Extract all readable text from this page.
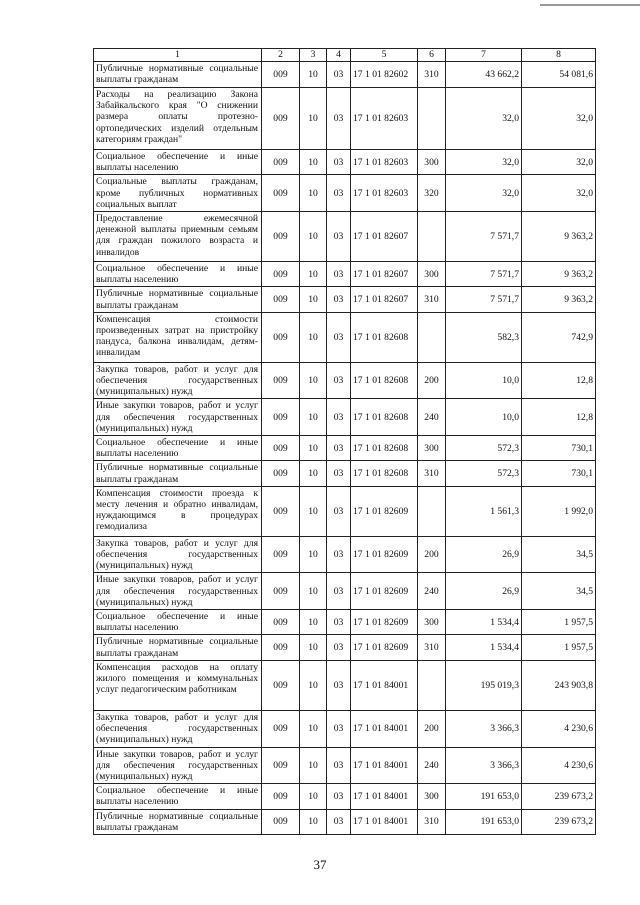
1	2	3	4	5	6	7	8
Публичные нормативные социальные выплаты гражданам	009	10	03	17 1 01 82602	310	43 662,2	54 081,6
Расходы на реализацию Закона Забайкальского края "О снижении размера оплаты протезно-ортопедических изделий отдельным категориям граждан"	009	10	03	17 1 01 82603		32,0	32,0
Социальное обеспечение и иные выплаты населению	009	10	03	17 1 01 82603	300	32,0	32,0
Социальные выплаты гражданам, кроме публичных нормативных социальных выплат	009	10	03	17 1 01 82603	320	32,0	32,0
Предоставление ежемесячной денежной выплаты приемным семьям для граждан пожилого возраста и инвалидов	009	10	03	17 1 01 82607		7 571,7	9 363,2
Социальное обеспечение и иные выплаты населению	009	10	03	17 1 01 82607	300	7 571,7	9 363,2
Публичные нормативные социальные выплаты гражданам	009	10	03	17 1 01 82607	310	7 571,7	9 363,2
Компенсация стоимости произведенных затрат на пристройку пандуса, балкона инвалидам, детям-инвалидам	009	10	03	17 1 01 82608		582,3	742,9
Закупка товаров, работ и услуг для обеспечения государственных (муниципальных) нужд	009	10	03	17 1 01 82608	200	10,0	12,8
Иные закупки товаров, работ и услуг для обеспечения государственных (муниципальных) нужд	009	10	03	17 1 01 82608	240	10,0	12,8
Социальное обеспечение и иные выплаты населению	009	10	03	17 1 01 82608	300	572,3	730,1
Публичные нормативные социальные выплаты гражданам	009	10	03	17 1 01 82608	310	572,3	730,1
Компенсация стоимости проезда к месту лечения и обратно инвалидам, нуждающимся в процедурах гемодиализа	009	10	03	17 1 01 82609		1 561,3	1 992,0
Закупка товаров, работ и услуг для обеспечения государственных (муниципальных) нужд	009	10	03	17 1 01 82609	200	26,9	34,5
Иные закупки товаров, работ и услуг для обеспечения государственных (муниципальных) нужд	009	10	03	17 1 01 82609	240	26,9	34,5
Социальное обеспечение и иные выплаты населению	009	10	03	17 1 01 82609	300	1 534,4	1 957,5
Публичные нормативные социальные выплаты гражданам	009	10	03	17 1 01 82609	310	1 534,4	1 957,5
Компенсация расходов на оплату жилого помещения и коммунальных услуг педагогическим работникам	009	10	03	17 1 01 84001		195 019,3	243 903,8
Закупка товаров, работ и услуг для обеспечения государственных (муниципальных) нужд	009	10	03	17 1 01 84001	200	3 366,3	4 230,6
Иные закупки товаров, работ и услуг для обеспечения государственных (муниципальных) нужд	009	10	03	17 1 01 84001	240	3 366,3	4 230,6
Социальное обеспечение и иные выплаты населению	009	10	03	17 1 01 84001	300	191 653,0	239 673,2
Публичные нормативные социальные выплаты гражданам	009	10	03	17 1 01 84001	310	191 653,0	239 673,2
37
